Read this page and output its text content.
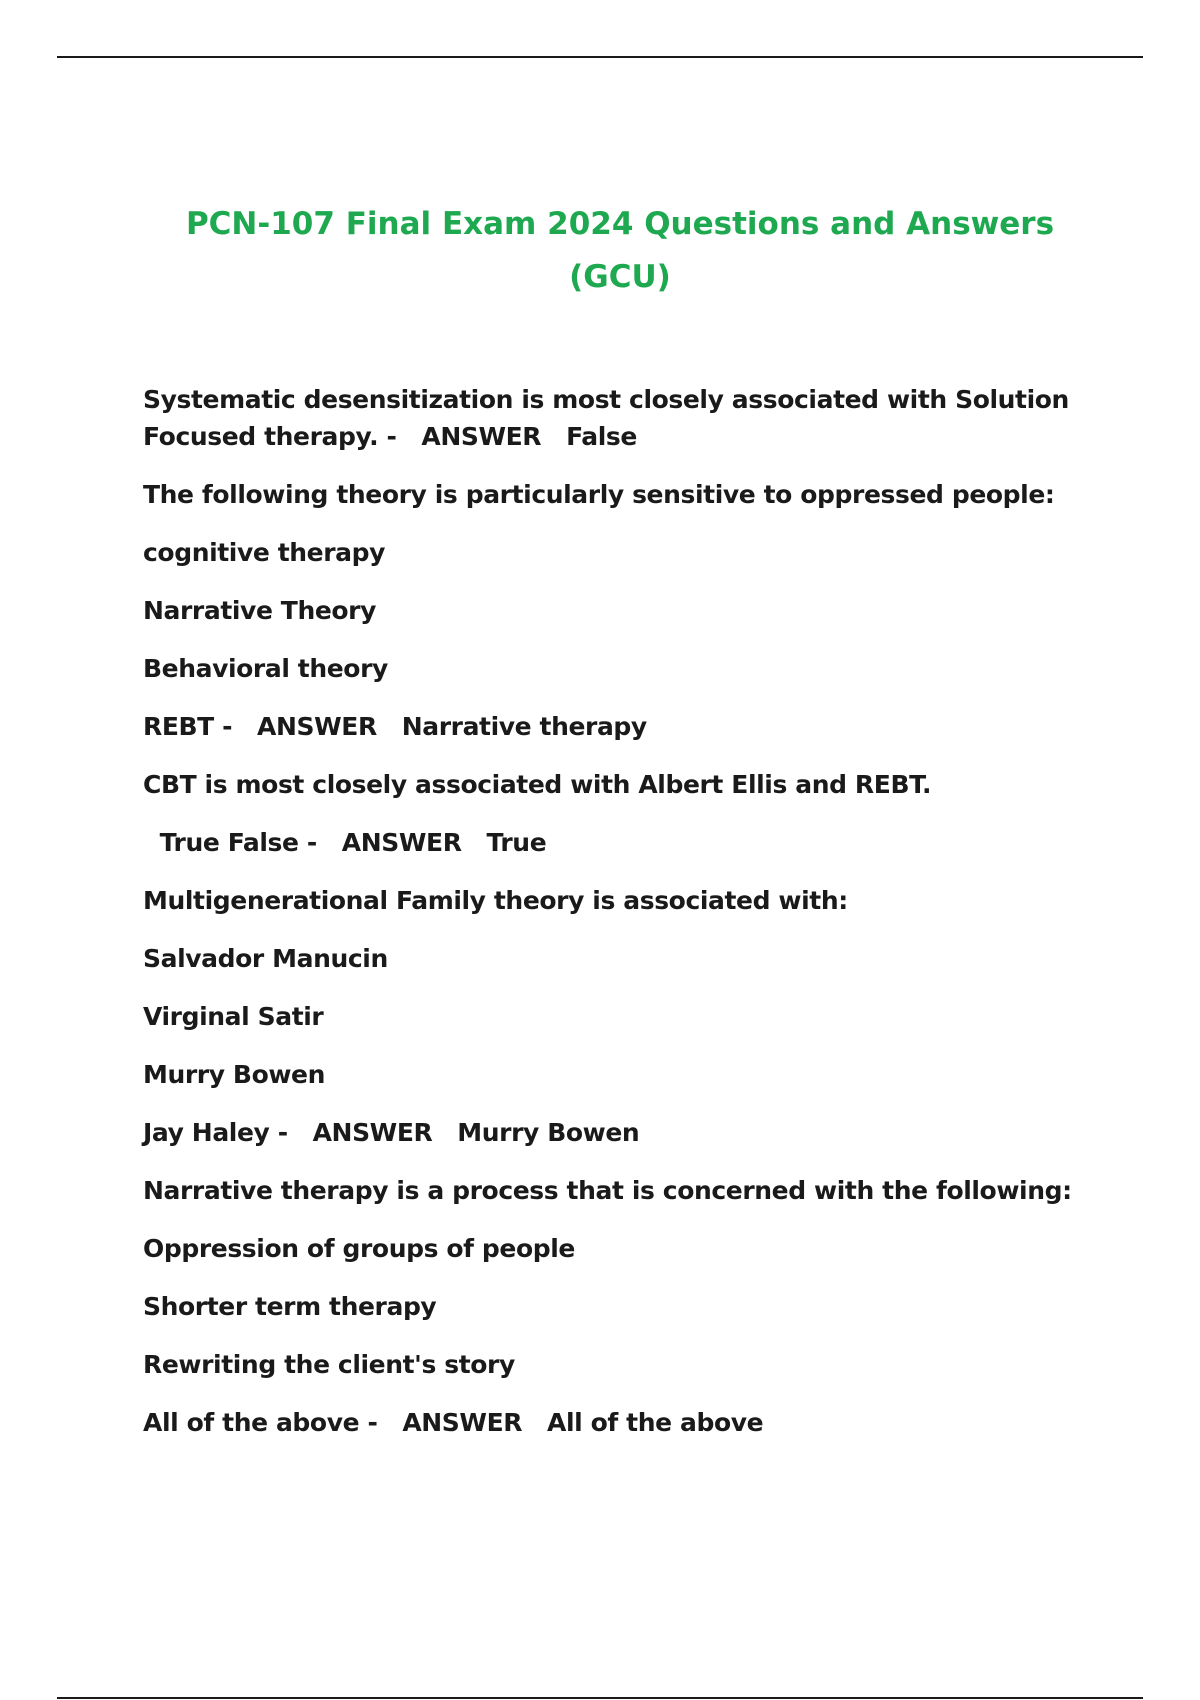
PCN-107 Final Exam 2024 Questions and Answers (GCU)

Systematic desensitization is most closely associated with Solution Focused therapy. -   ANSWER   False

The following theory is particularly sensitive to oppressed people:

cognitive therapy

Narrative Theory

Behavioral theory

REBT -   ANSWER   Narrative therapy

CBT is most closely associated with Albert Ellis and REBT.

True False -   ANSWER   True

Multigenerational Family theory is associated with:

Salvador Manucin

Virginal Satir

Murry Bowen

Jay Haley -   ANSWER   Murry Bowen

Narrative therapy is a process that is concerned with the following:

Oppression of groups of people

Shorter term therapy

Rewriting the client's story

All of the above -   ANSWER   All of the above
